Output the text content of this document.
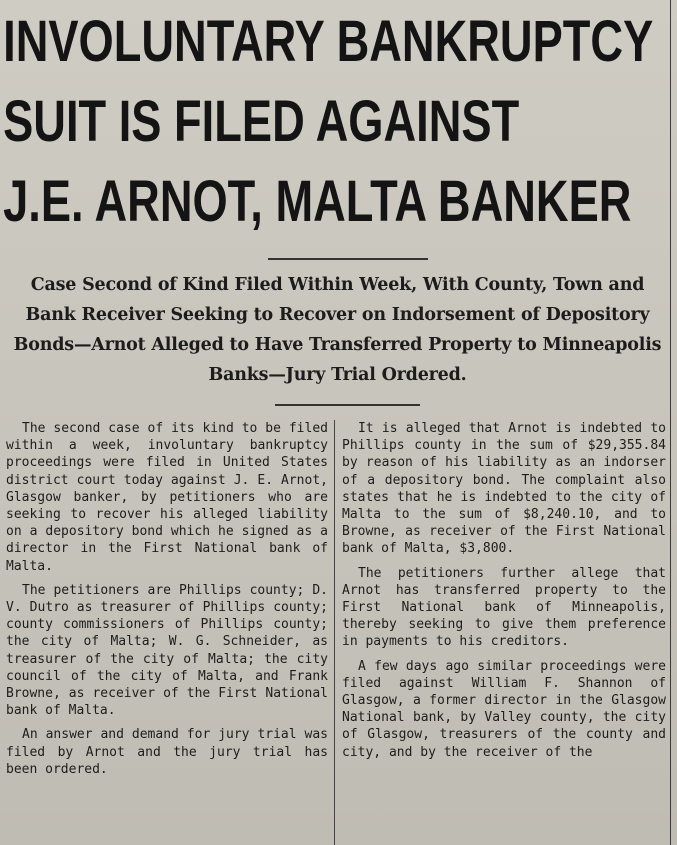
INVOLUNTARY BANKRUPTCY
SUIT IS FILED AGAINST
J.E. ARNOT, MALTA BANKER
Case Second of Kind Filed Within Week, With County, Town and Bank Receiver Seeking to Recover on Indorsement of Depository Bonds—Arnot Alleged to Have Transferred Property to Minneapolis Banks—Jury Trial Ordered.

The second case of its kind to be filed within a week, involuntary bankruptcy proceedings were filed in United States district court today against J. E. Arnot, Glasgow banker, by petitioners who are seeking to recover his alleged liability on a depository bond which he signed as a director in the First National bank of Malta.

The petitioners are Phillips county; D. V. Dutro as treasurer of Phillips county; county commissioners of Phillips county; the city of Malta; W. G. Schneider, as treasurer of the city of Malta; the city council of the city of Malta, and Frank Browne, as receiver of the First National bank of Malta.

An answer and demand for jury trial was filed by Arnot and the jury trial has been ordered.

It is alleged that Arnot is indebted to Phillips county in the sum of $29,355.84 by reason of his liability as an indorser of a depository bond. The complaint also states that he is indebted to the city of Malta to the sum of $8,240.10, and to Browne, as receiver of the First National bank of Malta, $3,800.

The petitioners further allege that Arnot has transferred property to the First National bank of Minneapolis, thereby seeking to give them preference in payments to his creditors.

A few days ago similar proceedings were filed against William F. Shannon of Glasgow, a former director in the Glasgow National bank, by Valley county, the city of Glasgow, treasurers of the county and city, and by the receiver of the
